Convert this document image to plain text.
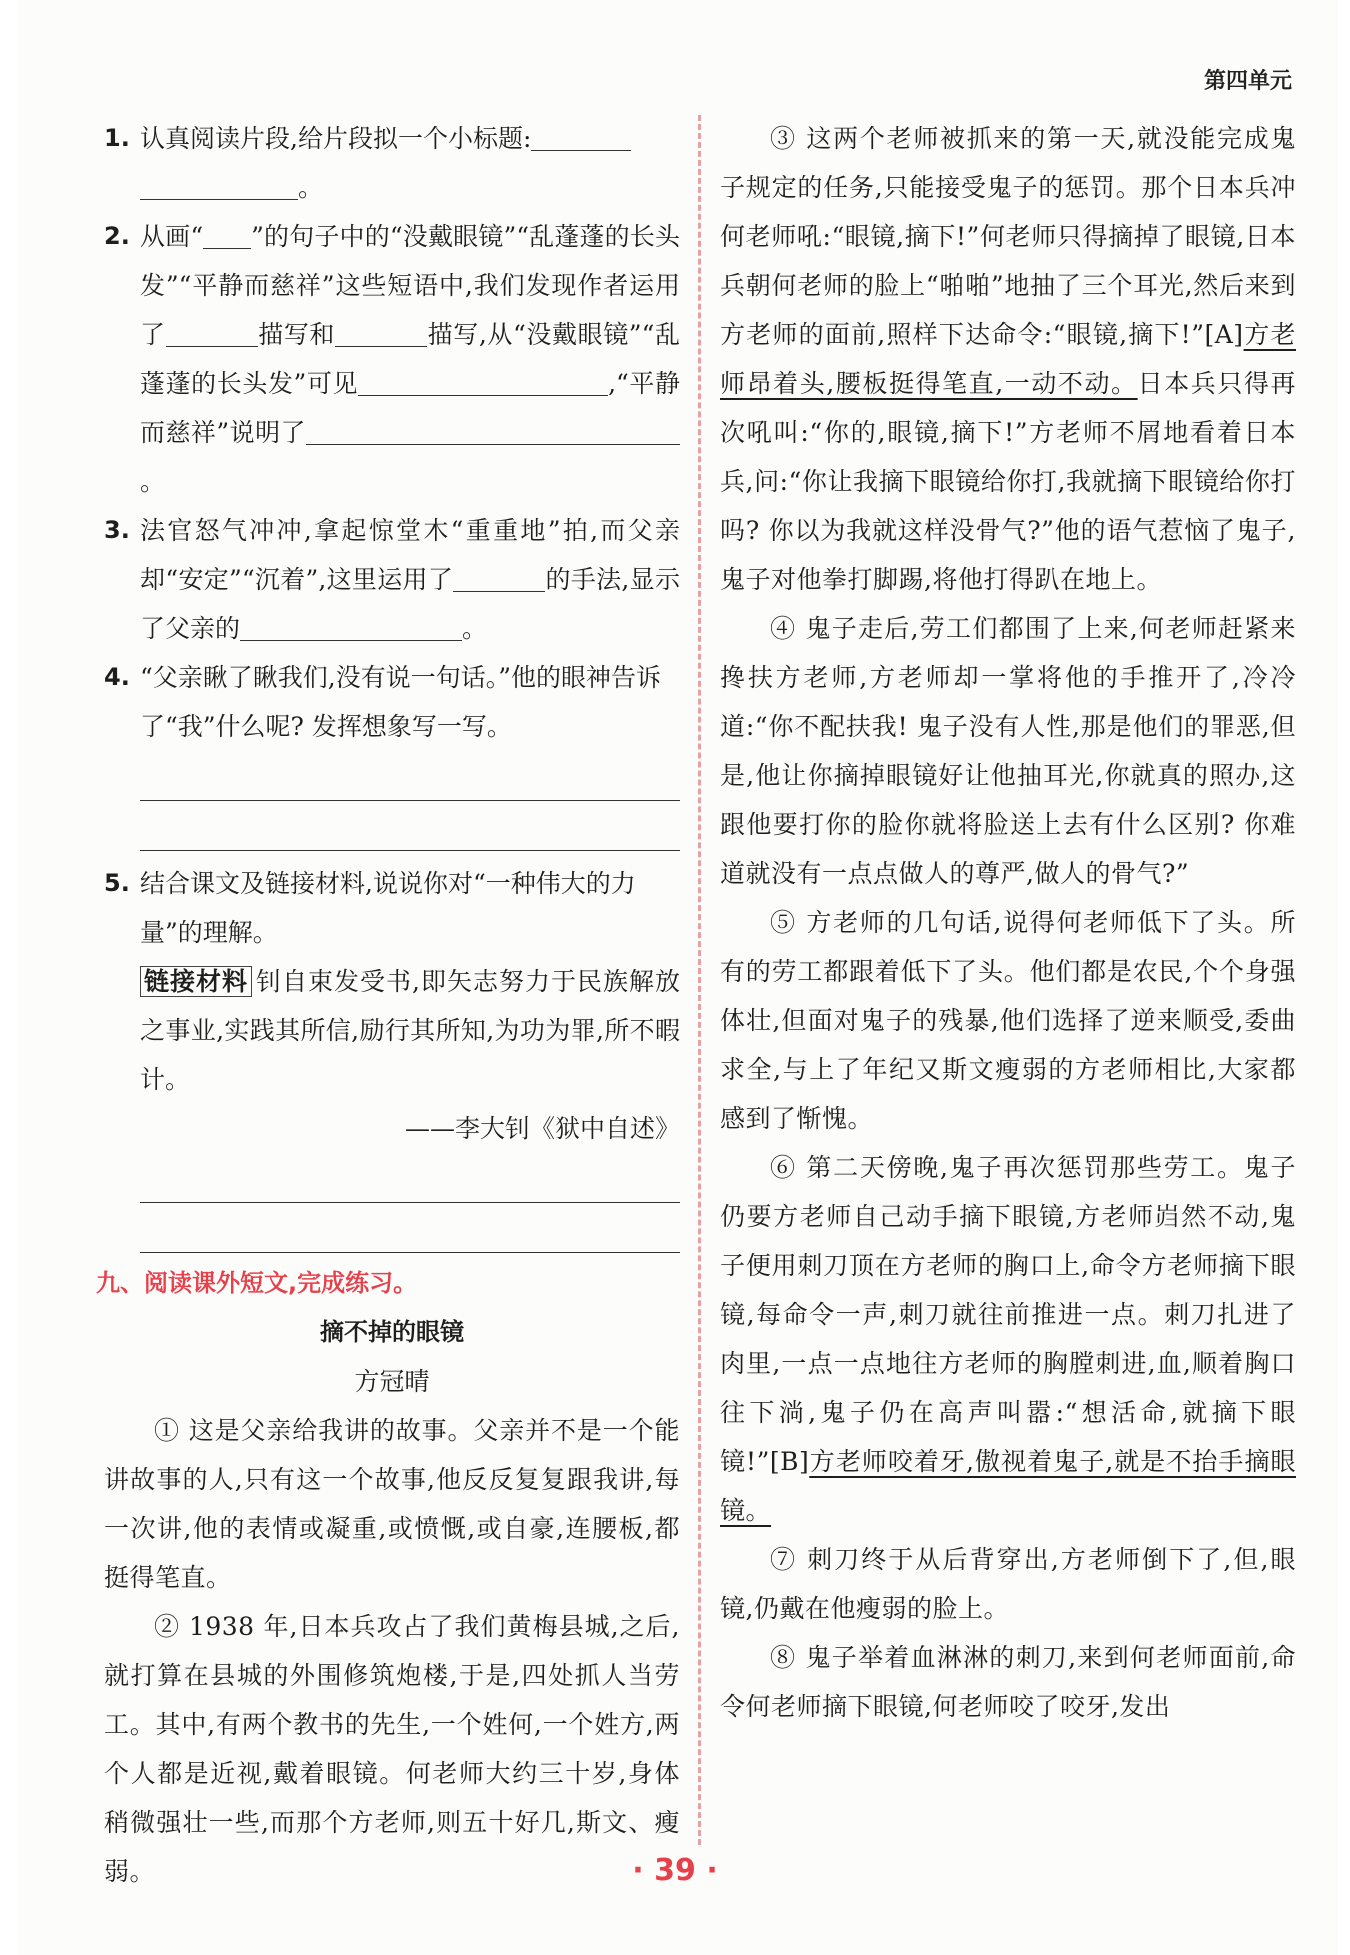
第四单元
1. 认真阅读片段,给片段拟一个小标题:
。
2. 从画“ ”的句子中的“没戴眼镜”“乱蓬蓬的长头发”“平静而慈祥”这些短语中,我们发现作者运用了	描写和	描写,从“没戴眼镜”“乱蓬蓬的长头发”可见	,“平静而慈祥”说明了。
3. 法官怒气冲冲,拿起惊堂木“重重地”拍,而父亲却“安定”“沉着”,这里运用了	的手法,显示了父亲的	。
4. “父亲瞅了瞅我们,没有说一句话。”他的眼神告诉了“我”什么呢? 发挥想象写一写。
5. 结合课文及链接材料,说说你对“一种伟大的力量”的理解。

链接材料 钊自束发受书,即矢志努力于民族解放之事业,实践其所信,励行其所知,为功为罪,所不暇计。

——李大钊《狱中自述》

九、阅读课外短文,完成练习。

摘不掉的眼镜

方冠晴

① 这是父亲给我讲的故事。父亲并不是一个能讲故事的人,只有这一个故事,他反反复复跟我讲,每一次讲,他的表情或凝重,或愤慨,或自豪,连腰板,都挺得笔直。

② 1938 年,日本兵攻占了我们黄梅县城,之后,就打算在县城的外围修筑炮楼,于是,四处抓人当劳工。其中,有两个教书的先生,一个姓何,一个姓方,两个人都是近视,戴着眼镜。何老师大约三十岁,身体稍微强壮一些,而那个方老师,则五十好几,斯文、瘦弱。

③ 这两个老师被抓来的第一天,就没能完成鬼子规定的任务,只能接受鬼子的惩罚。那个日本兵冲何老师吼:“眼镜,摘下!”何老师只得摘掉了眼镜,日本兵朝何老师的脸上“啪啪”地抽了三个耳光,然后来到方老师的面前,照样下达命令:“眼镜,摘下!”[A]方老师昂着头,腰板挺得笔直,一动不动。日本兵只得再次吼叫:“你的,眼镜,摘下!”方老师不屑地看着日本兵,问:“你让我摘下眼镜给你打,我就摘下眼镜给你打吗? 你以为我就这样没骨气?”他的语气惹恼了鬼子,鬼子对他拳打脚踢,将他打得趴在地上。

④ 鬼子走后,劳工们都围了上来,何老师赶紧来搀扶方老师,方老师却一掌将他的手推开了,冷冷道:“你不配扶我! 鬼子没有人性,那是他们的罪恶,但是,他让你摘掉眼镜好让他抽耳光,你就真的照办,这跟他要打你的脸你就将脸送上去有什么区别? 你难道就没有一点点做人的尊严,做人的骨气?”

⑤ 方老师的几句话,说得何老师低下了头。所有的劳工都跟着低下了头。他们都是农民,个个身强体壮,但面对鬼子的残暴,他们选择了逆来顺受,委曲求全,与上了年纪又斯文瘦弱的方老师相比,大家都感到了惭愧。

⑥ 第二天傍晚,鬼子再次惩罚那些劳工。鬼子仍要方老师自己动手摘下眼镜,方老师岿然不动,鬼子便用刺刀顶在方老师的胸口上,命令方老师摘下眼镜,每命令一声,刺刀就往前推进一点。刺刀扎进了肉里,一点一点地往方老师的胸膛刺进,血,顺着胸口往下淌,鬼子仍在高声叫嚣:“想活命,就摘下眼镜!”[B]方老师咬着牙,傲视着鬼子,就是不抬手摘眼镜。

⑦ 刺刀终于从后背穿出,方老师倒下了,但,眼镜,仍戴在他瘦弱的脸上。

⑧ 鬼子举着血淋淋的刺刀,来到何老师面前,命令何老师摘下眼镜,何老师咬了咬牙,发出

· 39 ·
